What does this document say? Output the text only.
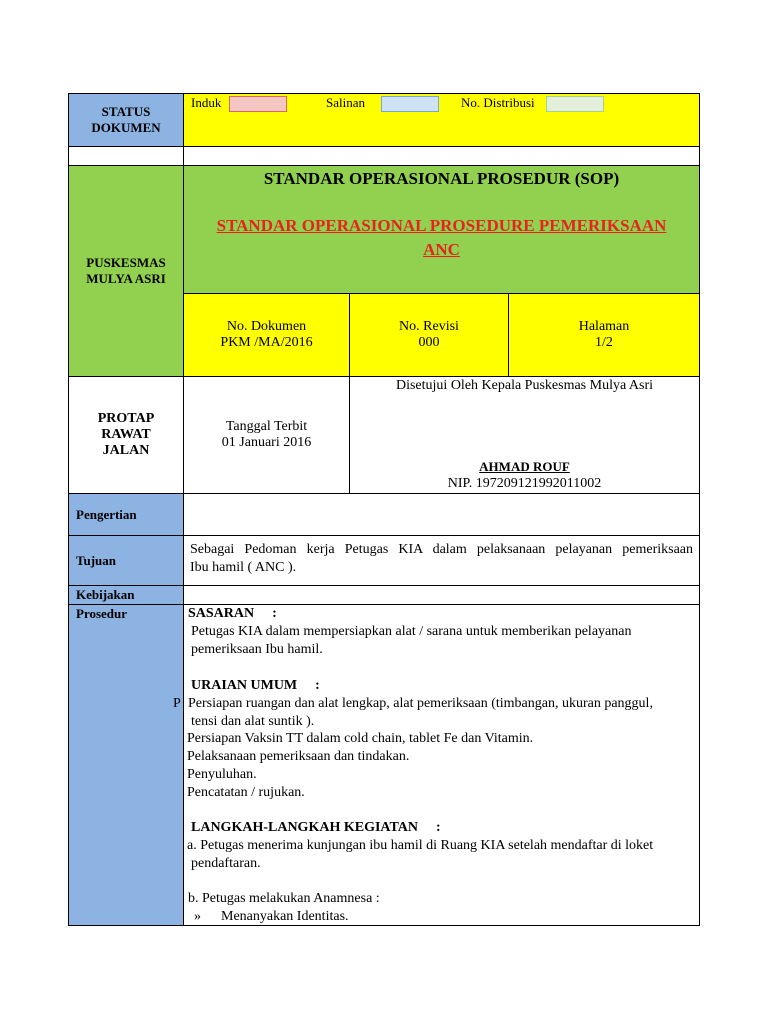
STATUS
DOKUMEN
Induk	Salinan	No. Distribusi
PUSKESMAS
MULYA ASRI
STANDAR OPERASIONAL PROSEDUR (SOP)
STANDAR OPERASIONAL PROSEDURE PEMERIKSAAN
ANC
No. Dokumen
PKM /MA/2016
No. Revisi
000
Halaman
1/2
PROTAP
RAWAT
JALAN
Tanggal Terbit
01 Januari 2016
Disetujui Oleh Kepala Puskesmas Mulya Asri
AHMAD ROUF
NIP. 197209121992011002
Pengertian
Tujuan
Sebagai Pedoman kerja Petugas KIA dalam pelaksanaan pelayanan pemeriksaan
Ibu hamil ( ANC ).
Kebijakan
Prosedur
P
SASARAN :
Petugas KIA dalam mempersiapkan alat / sarana untuk memberikan pelayanan
pemeriksaan Ibu hamil.
URAIAN UMUM :
Persiapan ruangan dan alat lengkap, alat pemeriksaan (timbangan, ukuran panggul,
tensi dan alat suntik ).
Persiapan Vaksin TT dalam cold chain, tablet Fe dan Vitamin.
Pelaksanaan pemeriksaan dan tindakan.
Penyuluhan.
Pencatatan / rujukan.
LANGKAH-LANGKAH KEGIATAN :
a. Petugas menerima kunjungan ibu hamil di Ruang KIA setelah mendaftar di loket
pendaftaran.
b. Petugas melakukan Anamnesa :
» Menanyakan Identitas.
